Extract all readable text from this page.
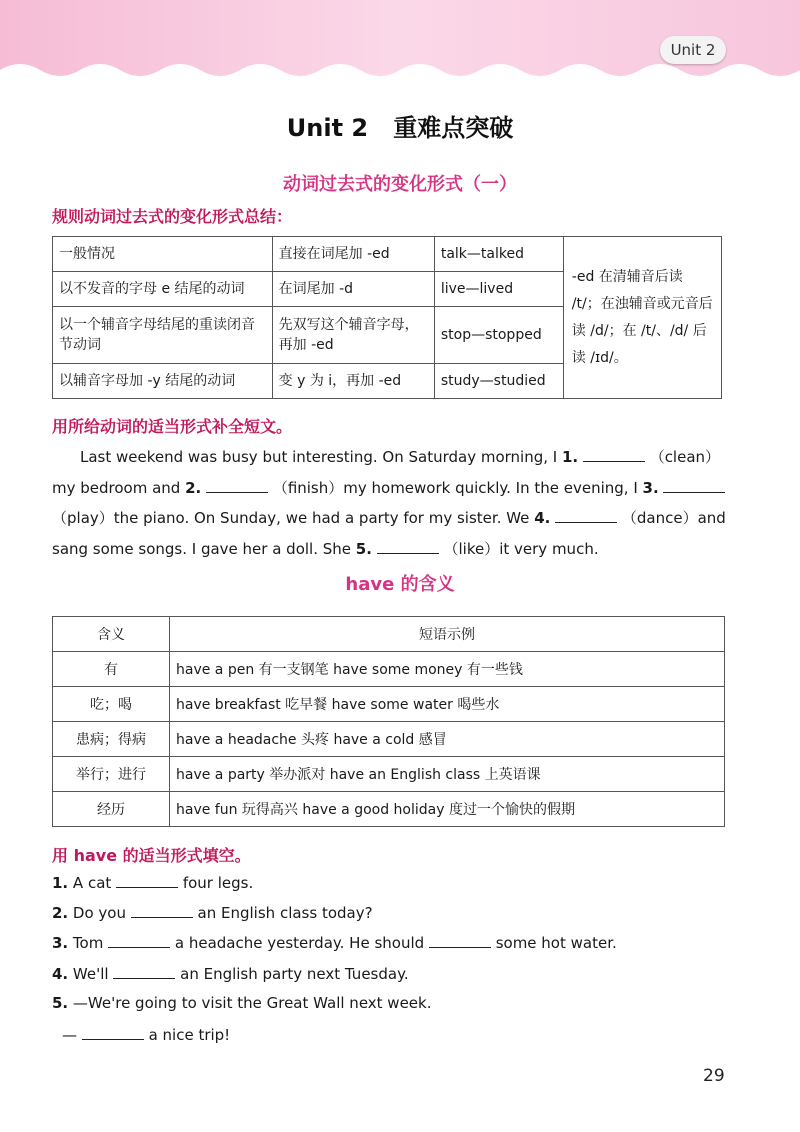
Unit 2
Unit 2   重难点突破
动词过去式的变化形式（一）
规则动词过去式的变化形式总结：
一般情况	直接在词尾加 -ed	talk—talked	-ed 在清辅音后读 /t/；在浊辅音或元音后读 /d/；在 /t/、/d/ 后读 /ɪd/。
以不发音的字母 e 结尾的动词	在词尾加 -d	live—lived	
以一个辅音字母结尾的重读闭音节动词	先双写这个辅音字母，再加 -ed	stop—stopped	
以辅音字母加 -y 结尾的动词	变 y 为 i，再加 -ed	study—studied	
用所给动词的适当形式补全短文。

Last weekend was busy but interesting. On Saturday morning, I 1.	（clean）my bedroom and 2.	（finish）my homework quickly. In the evening, I 3.  （play）the piano. On Sunday, we had a party for my sister. We 4.	（dance）and sang some songs. I gave her a doll. She 5.	（like）it very much.

have 的含义
含义	短语示例
有	have a pen 有一支钢笔 have some money 有一些钱
吃；喝	have breakfast 吃早餐 have some water 喝些水
患病；得病	have a headache 头疼 have a cold 感冒
举行；进行	have a party 举办派对 have an English class 上英语课
经历	have fun 玩得高兴 have a good holiday 度过一个愉快的假期
用 have 的适当形式填空。
1. A cat	four legs.
2. Do you	an English class today?
3. Tom	a headache yesterday. He should	some hot water.
4. We'll	an English party next Tuesday.
5. —We're going to visit the Great Wall next week.
—	a nice trip!
29
